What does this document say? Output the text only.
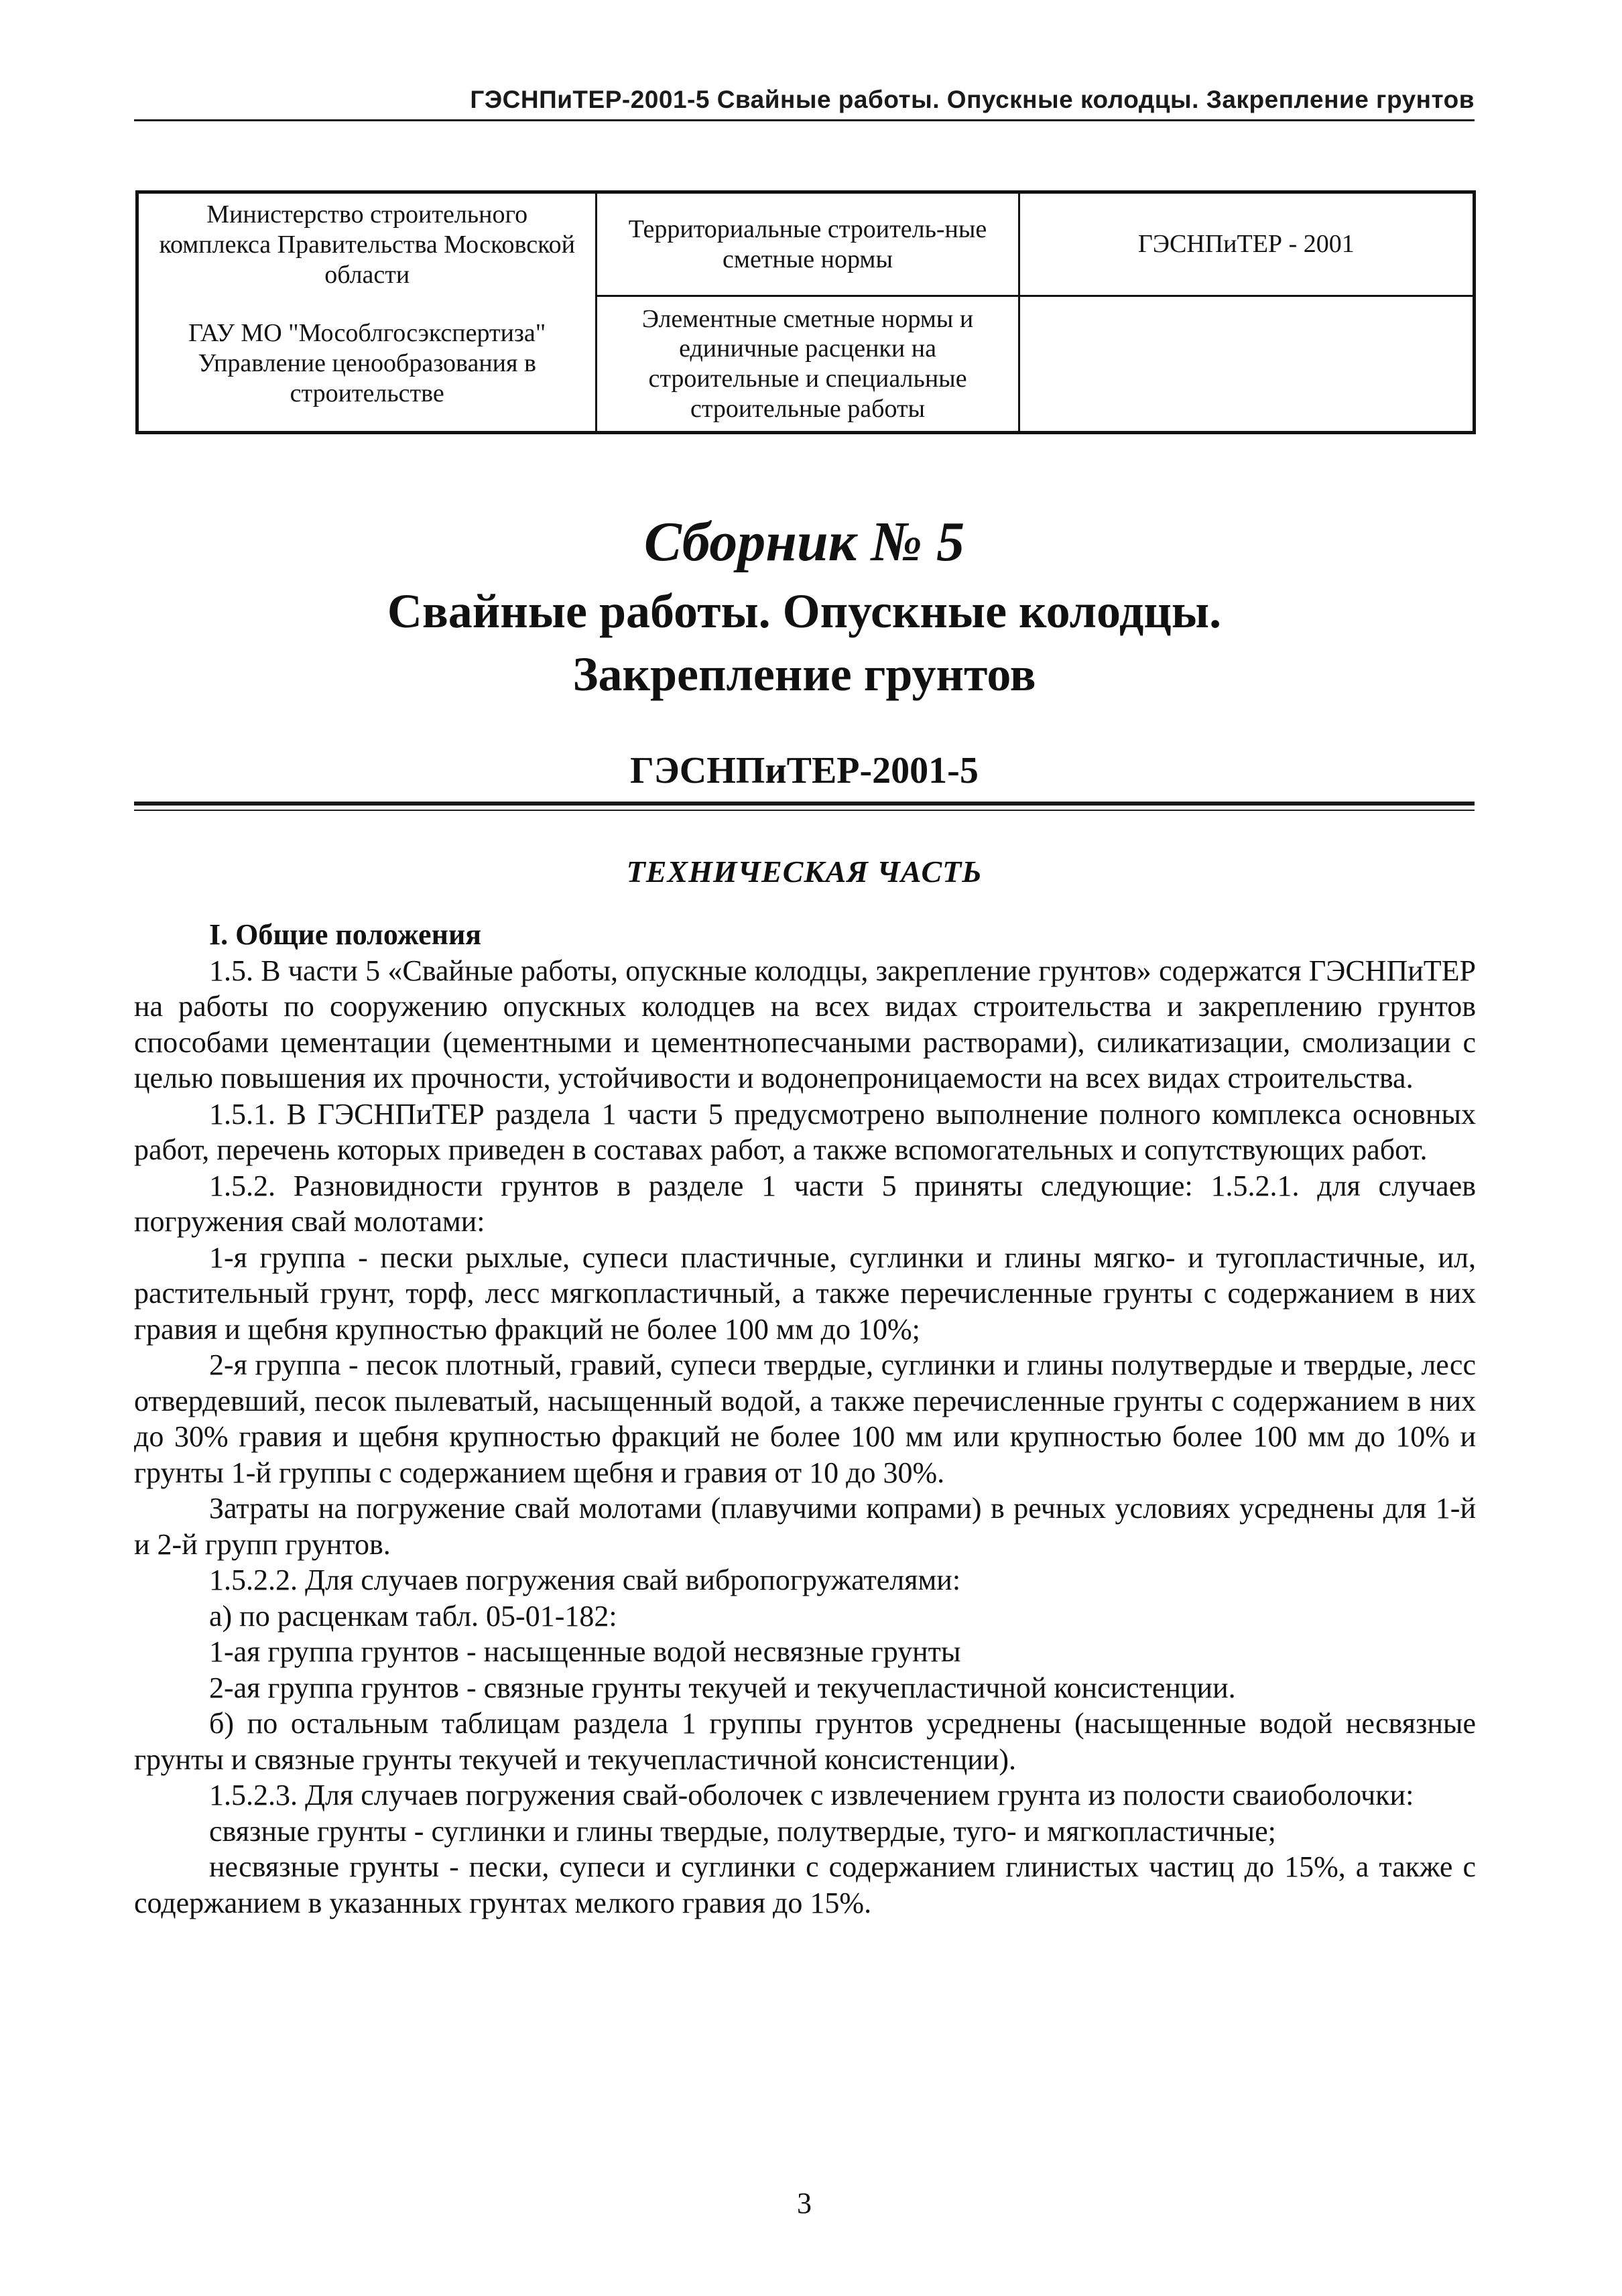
ГЭСНПиТЕР-2001-5 Свайные работы. Опускные колодцы. Закрепление грунтов
Министерство строительного комплекса Правительства Московской области	Территориальные строитель-ные сметные нормы	ГЭСНПиТЕР - 2001
ГАУ МО "Мособлгосэкспертиза" Управление ценообразования в строительстве	Элементные сметные нормы и единичные расценки на строительные и специальные строительные работы	
Сборник № 5
Свайные работы. Опускные колодцы.
Закрепление грунтов
ГЭСНПиТЕР-2001-5
ТЕХНИЧЕСКАЯ ЧАСТЬ

I. Общие положения

1.5. В части 5 «Свайные работы, опускные колодцы, закрепление грунтов» содержатся ГЭСНПиТЕР на работы по сооружению опускных колодцев на всех видах строительства и закреплению грунтов способами цементации (цементными и цементнопесчаными растворами), силикатизации, смолизации с целью повышения их прочности, устойчивости и водонепроницаемости на всех видах строительства.

1.5.1. В ГЭСНПиТЕР раздела 1 части 5 предусмотрено выполнение полного комплекса основных работ, перечень которых приведен в составах работ, а также вспомогательных и сопутствующих работ.

1.5.2. Разновидности грунтов в разделе 1 части 5 приняты следующие: 1.5.2.1. для случаев погружения свай молотами:

1-я группа - пески рыхлые, супеси пластичные, суглинки и глины мягко- и тугопластичные, ил, растительный грунт, торф, лесс мягкопластичный, а также перечисленные грунты с содержанием в них гравия и щебня крупностью фракций не более 100 мм до 10%;

2-я группа - песок плотный, гравий, супеси твердые, суглинки и глины полутвердые и твердые, лесс отвердевший, песок пылеватый, насыщенный водой, а также перечисленные грунты с содержанием в них до 30% гравия и щебня крупностью фракций не более 100 мм или крупностью более 100 мм до 10% и грунты 1-й группы с содержанием щебня и гравия от 10 до 30%.

Затраты на погружение свай молотами (плавучими копрами) в речных условиях усреднены для 1-й и 2-й групп грунтов.

1.5.2.2. Для случаев погружения свай вибропогружателями:

а) по расценкам табл. 05-01-182:

1-ая группа грунтов - насыщенные водой несвязные грунты

2-ая группа грунтов - связные грунты текучей и текучепластичной консистенции.

б) по остальным таблицам раздела 1 группы грунтов усреднены (насыщенные водой несвязные грунты и связные грунты текучей и текучепластичной консистенции).

1.5.2.3. Для случаев погружения свай-оболочек с извлечением грунта из полости сваиоболочки:

связные грунты - суглинки и глины твердые, полутвердые, туго- и мягкопластичные;

несвязные грунты - пески, супеси и суглинки с содержанием глинистых частиц до 15%, а также с содержанием в указанных грунтах мелкого гравия до 15%.

3
